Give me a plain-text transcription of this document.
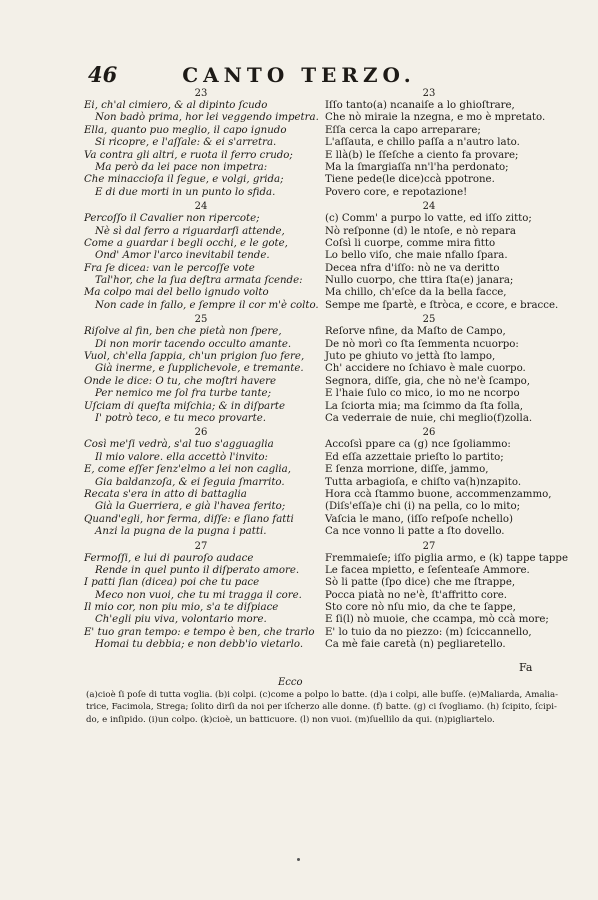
46	CANTO TERZO.
23
Ei, ch'al cimiero, & al dipinto ſcudo
Non badò prima, hor lei veggendo impetra.
Ella, quanto puo meglio, il capo ignudo
Si ricopre, e l'aſſale: & ei s'arretra.
Va contra gli altri, e ruota il ferro crudo;
Ma però da lei pace non impetra:
Che minaccioſa il ſegue, e volgi, grida;
E di due morti in un punto lo sfida.
24
Percoſſo il Cavalier non ripercote;
Nè sì dal ferro a riguardarſi attende,
Come a guardar i begli occhi, e le gote,
Ond' Amor l'arco inevitabil tende.
Fra ſe dicea: van le percoſſe vote
Tal'hor, che la ſua deſtra armata ſcende:
Ma colpo mai del bello ignudo volto
Non cade in fallo, e ſempre il cor m'è colto.
25
Riſolve al fin, ben che pietà non ſpere,
Di non morir tacendo occulto amante.
Vuol, ch'ella ſappia, ch'un prigion ſuo fere,
Già inerme, e ſupplichevole, e tremante.
Onde le dice: O tu, che moſtri havere
Per nemico me ſol fra turbe tante;
Uſciam di queſta miſchia; & in diſparte
I' potrò teco, e tu meco provarte.
26
Così me'ſi vedrà, s'al tuo s'agguaglia
Il mio valore. ella accettò l'invito:
E, come eſſer ſenz'elmo a lei non caglia,
Gia baldanzoſa, & ei ſeguia ſmarrito.
Recata s'era in atto di battaglia
Già la Guerriera, e già l'havea ferito;
Quand'egli, hor ferma, diſſe: e ſiano fatti
Anzi la pugna de la pugna i patti.
27
Fermoſſi, e lui di pauroſo audace
Rende in quel punto il diſperato amore.
I patti ſian (dicea) poi che tu pace
Meco non vuoi, che tu mi tragga il core.
Il mio cor, non piu mio, s'a te diſpiace
Ch'egli piu viva, volontario more.
E' tuo gran tempo: e tempo è ben, che trarlo
Homai tu debbia; e non debb'io vietarlo.
23
Iſſo tanto(a) ncanaiſe a lo ghioſtrare,
Che nò miraie la nzegna, e mo è mpretato.
Eſſa cerca la capo arreparare;
L'aſſauta, e chillo paſſa a n'autro lato.
E llà(b) le ſſeſche a ciento fa provare;
Ma la ſmargiaſſa nn'l'ha perdonato;
Tiene pede(le dice)ccà ppotrone.
Povero core, e repotazione!
24
(c) Comm' a purpo lo vatte, ed iſſo zitto;
Nò reſponne (d) le ntoſe, e nò repara
Coſsì li cuorpe, comme mira fitto
Lo bello viſo, che maie nfallo ſpara.
Decea nfra d'iſſo: nò ne va deritto
Nullo cuorpo, che ttira ſta(e) janara;
Ma chillo, ch'eſce da la bella facce,
Sempe me ſpartè, e ſtròca, e ccore, e bracce.
25
Reſorve nfine, da Maſto de Campo,
De nò morì co ſta ſemmenta ncuorpo:
Juto pe ghiuto vo jettà ſto lampo,
Ch' accidere no ſchiavo è male cuorpo.
Segnora, diſſe, gia, che nò ne'è ſcampo,
E l'haie ſulo co mico, io mo ne ncorpo
La ſciorta mia; ma ſcimmo da ſta folla,
Ca vederraie de nuie, chi meglio(f)zolla.
26
Accoſsì ppare ca (g) nce ſgoliammo:
Ed eſſa azzettaie prieſto lo partito;
E ſenza morrione, diſſe, jammo,
Tutta arbagioſa, e chiſto va(h)nzapito.
Hora ccà ſtammo buone, accommenzammo,
(Diſs'eſſa)e chi (i) na pella, co lo mito;
Vaſcia le mano, (iſſo reſpoſe nchello)
Ca nce vonno li patte a ſto dovello.
27
Fremmaieſe; iſſo piglia armo, e (k) tappe tappe
Le facea mpietto, e ſeſenteaſe Ammore.
Sò li patte (ſpo dice) che me ſtrappe,
Pocca piatà no ne'è, ſt'affritto core.
Sto core nò nſu mio, da che te ſappe,
E ſi(l) nò muoie, che ccampa, mò ccà more;
E' lo tuio da no piezzo: (m) ſciccannello,
Ca mè faie caretà (n) pegliaretello.
Ecco
Fa
(a)cioè ſi poſe di tutta voglia. (b)i colpi. (c)come a polpo lo batte. (d)a i colpi, alle buſſe. (e)Maliarda, Amalia-
trice, Facimola, Strega; ſolito dirſi da noi per iſcherzo alle donne. (f) batte. (g) ci ſvogliamo. (h) ſcipito, ſcipi-
do, e inſipido. (i)un colpo. (k)cioè, un batticuore. (l) non vuoi. (m)ſuellilo da qui. (n)pigliartelo.
